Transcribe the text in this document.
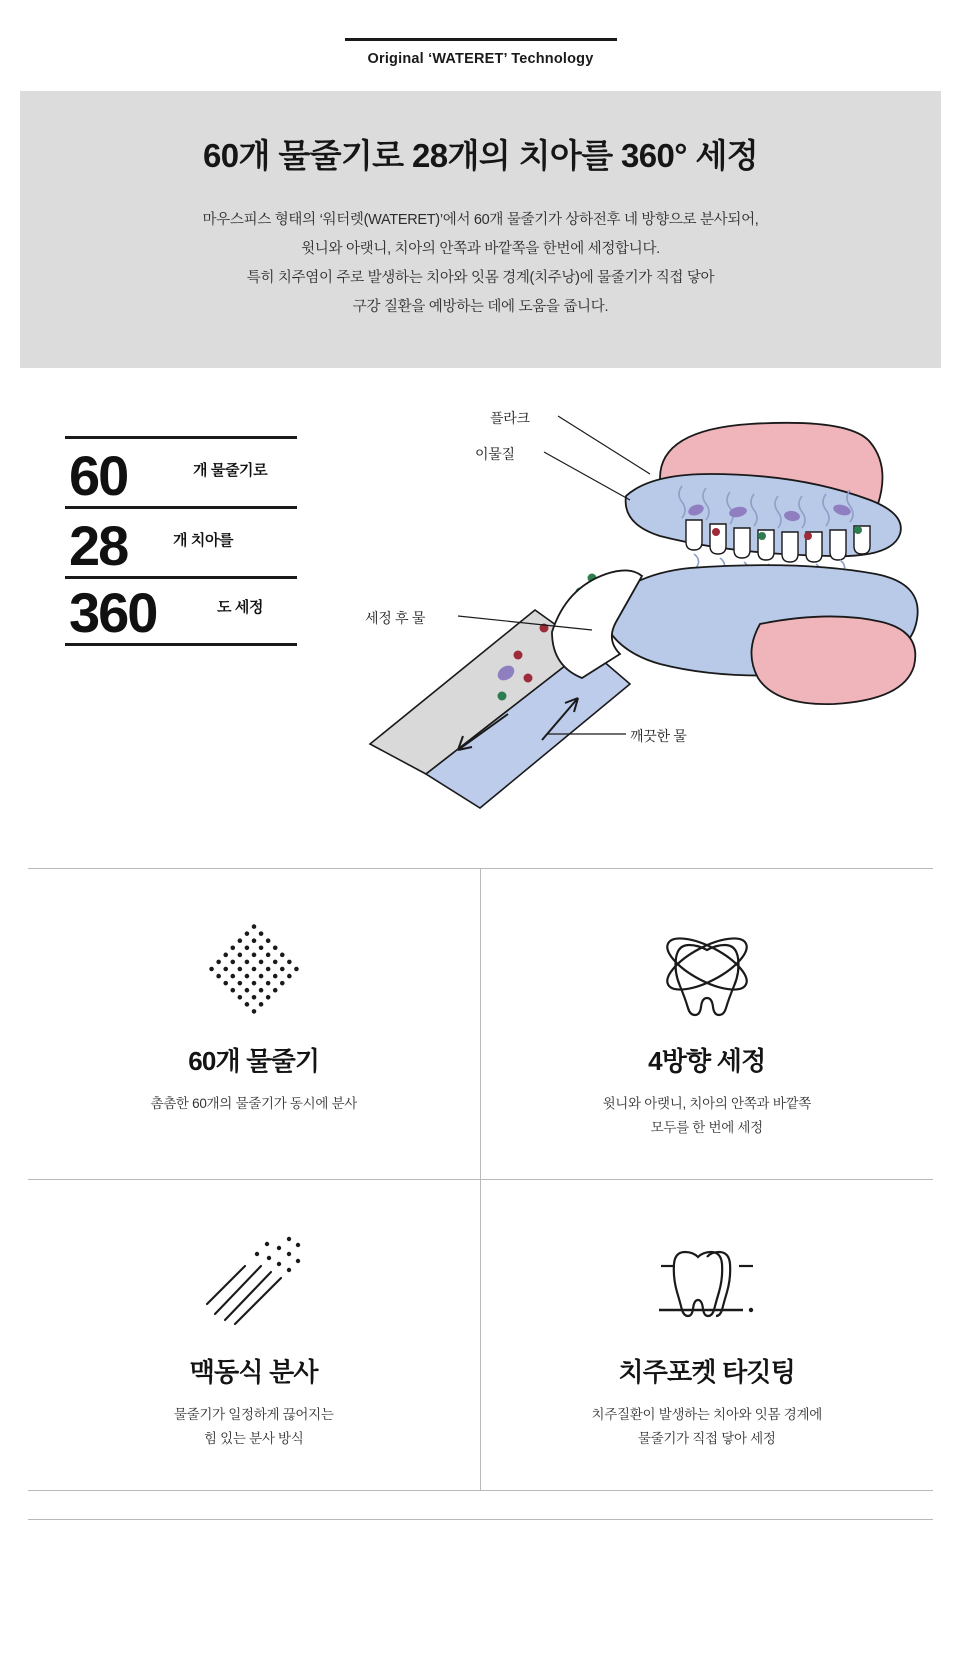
Original ‘WATERET’ Technology
60개 물줄기로 28개의 치아를 360° 세정
마우스피스 형태의 ‘워터렛(WATERET)’에서 60개 물줄기가 상하전후 네 방향으로 분사되어,
윗니와 아랫니, 치아의 안쪽과 바깥쪽을 한번에 세정합니다.
특히 치주염이 주로 발생하는 치아와 잇몸 경계(치주낭)에 물줄기가 직접 닿아
구강 질환을 예방하는 데에 도움을 줍니다.
60	개 물줄기로
28	개 치아를
360	도 세정
플라크
이물질
세정 후 물
깨끗한 물
60개 물줄기
촘촘한 60개의 물줄기가 동시에 분사
4방향 세정
윗니와 아랫니, 치아의 안쪽과 바깥쪽
모두를 한 번에 세정
맥동식 분사
물줄기가 일정하게 끊어지는
힘 있는 분사 방식
치주포켓 타깃팅
치주질환이 발생하는 치아와 잇몸 경계에
물줄기가 직접 닿아 세정
